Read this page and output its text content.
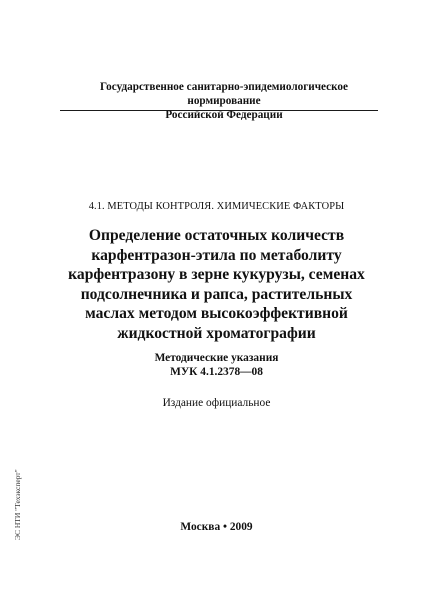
Государственное санитарно-эпидемиологическое нормирование
Российской Федерации
4.1. МЕТОДЫ КОНТРОЛЯ. ХИМИЧЕСКИЕ ФАКТОРЫ
Определение остаточных количеств
карфентразон-этила по метаболиту
карфентразону в зерне кукурузы, семенах
подсолнечника и рапса, растительных
маслах методом высокоэффективной
жидкостной хроматографии
Методические указания
МУК 4.1.2378—08
Издание официальное
Москва • 2009
ЭС НТИ "Техэксперт"
